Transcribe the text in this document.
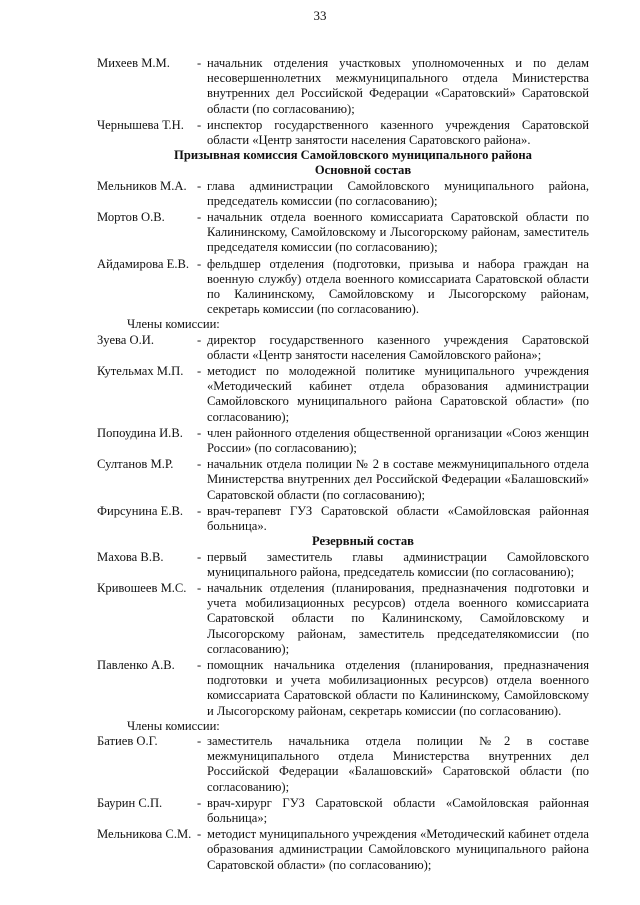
33
Михеев М.М.	- начальник отделения участковых уполномоченных и по делам несовершеннолетних межмуниципального отдела Министерства внутренних дел Российской Федерации «Саратовский» Саратовской области (по согласованию);
Чернышева Т.Н.	- инспектор государственного казенного учреждения Саратовской области «Центр занятости населения Саратовского района».
Призывная комиссия Самойловского муниципального района
Основной состав
Мельников М.А. - глава администрации Самойловского муниципального района, председатель комиссии (по согласованию);
Мортов О.В.	- начальник отдела военного комиссариата Саратовской области по Калининскому, Самойловскому и Лысогорскому районам, заместитель председателя комиссии (по согласованию);
Айдамирова Е.В. - фельдшер отделения (подготовки, призыва и набора граждан на военную службу) отдела военного комиссариата Саратовской области по Калининскому, Самойловскому и Лысогорскому районам, секретарь комиссии (по согласованию).
Члены комиссии:
Зуева О.И.	- директор государственного казенного учреждения Саратовской области «Центр занятости населения Самойловского района»;
Кутельмах М.П.	- методист по молодежной политике муниципального учреждения «Методический кабинет отдела образования администрации Самойловского муниципального района Саратовской области» (по согласованию);
Попоудина И.В.	- член районного отделения общественной организации «Союз женщин России» (по согласованию);
Султанов М.Р.	- начальник отдела полиции № 2 в составе межмуниципального отдела Министерства внутренних дел Российской Федерации «Балашовский» Саратовской области (по согласованию);
Фирсунина Е.В.	- врач-терапевт ГУЗ Саратовской области «Самойловская районная больница».
Резервный состав
Махова В.В.	- первый заместитель главы администрации Самойловского муниципального района, председатель комиссии (по согласованию);
Кривошеев М.С. - начальник отделения (планирования, предназначения подготовки и учета мобилизационных ресурсов) отдела военного комиссариата Саратовской области по Калининскому, Самойловскому и Лысогорскому районам, заместитель председателякомиссии (по согласованию);
Павленко А.В.	- помощник начальника отделения (планирования, предназначения подготовки и учета мобилизационных ресурсов) отдела военного комиссариата Саратовской области по Калининскому, Самойловскому и Лысогорскому районам, секретарь комиссии (по согласованию).
Члены комиссии:
Батиев О.Г.	- заместитель начальника отдела полиции №2 в составе межмуниципального отдела Министерства внутренних дел Российской Федерации «Балашовский» Саратовской области (по согласованию);
Баурин С.П.	- врач-хирург ГУЗ Саратовской области «Самойловская районная больница»;
Мельникова С.М. - методист муниципального учреждения «Методический кабинет отдела образования администрации Самойловского муниципального района Саратовской области» (по согласованию);
